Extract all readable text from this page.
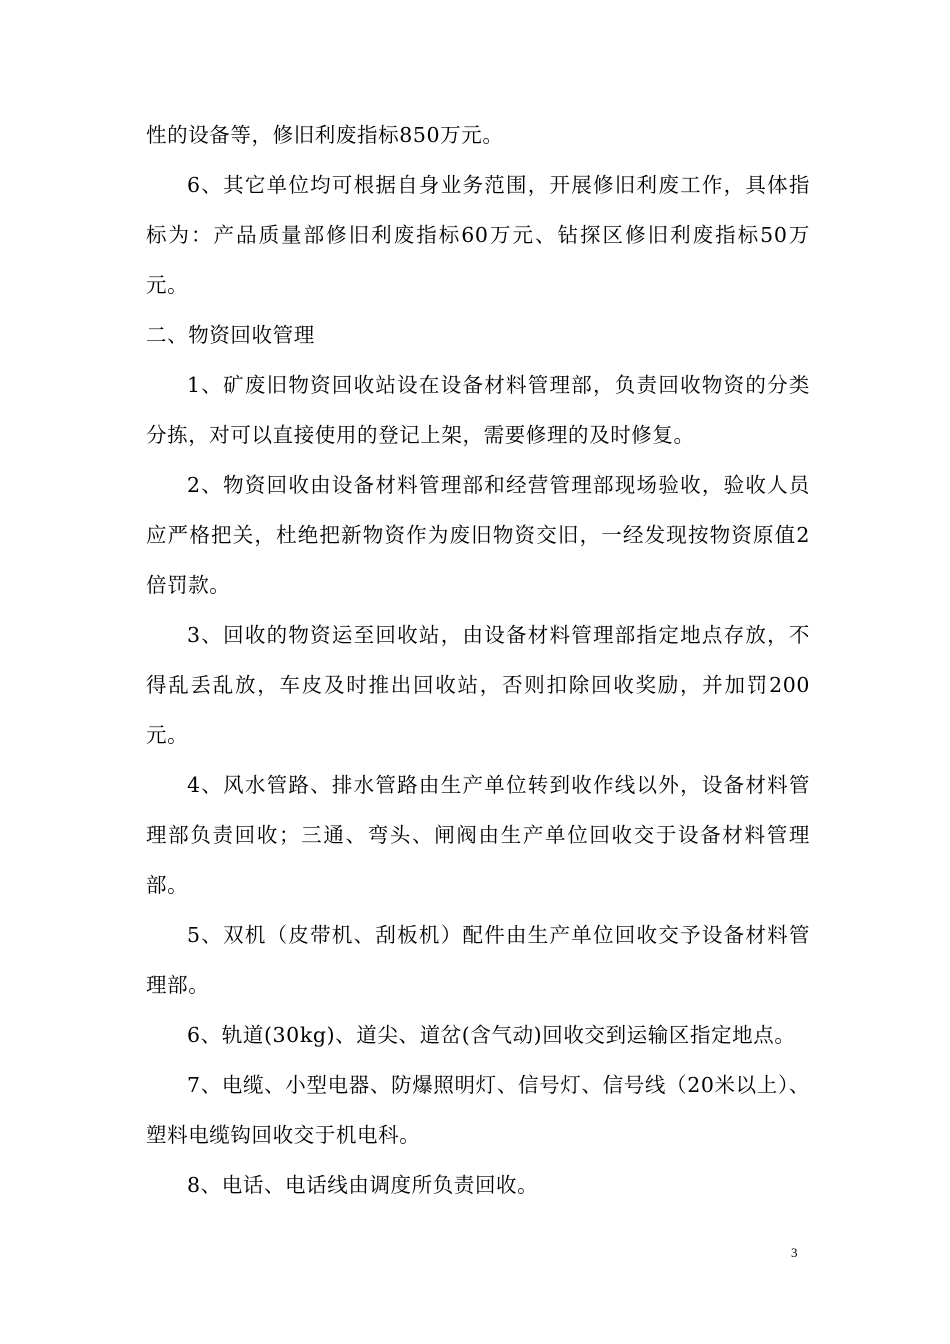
性的设备等，修旧利废指标850万元。

6、其它单位均可根据自身业务范围，开展修旧利废工作，具体指标为：产品质量部修旧利废指标60万元、钻探区修旧利废指标50万元。

二、物资回收管理

1、矿废旧物资回收站设在设备材料管理部，负责回收物资的分类分拣，对可以直接使用的登记上架，需要修理的及时修复。

2、物资回收由设备材料管理部和经营管理部现场验收，验收人员应严格把关，杜绝把新物资作为废旧物资交旧，一经发现按物资原值2倍罚款。

3、回收的物资运至回收站，由设备材料管理部指定地点存放，不得乱丢乱放，车皮及时推出回收站，否则扣除回收奖励，并加罚200元。

4、风水管路、排水管路由生产单位转到收作线以外，设备材料管理部负责回收；三通、弯头、闸阀由生产单位回收交于设备材料管理部。

5、双机（皮带机、刮板机）配件由生产单位回收交予设备材料管理部。

6、轨道(30kg)、道尖、道岔(含气动)回收交到运输区指定地点。

7、电缆、小型电器、防爆照明灯、信号灯、信号线（20米以上）、塑料电缆钩回收交于机电科。

8、电话、电话线由调度所负责回收。

3
